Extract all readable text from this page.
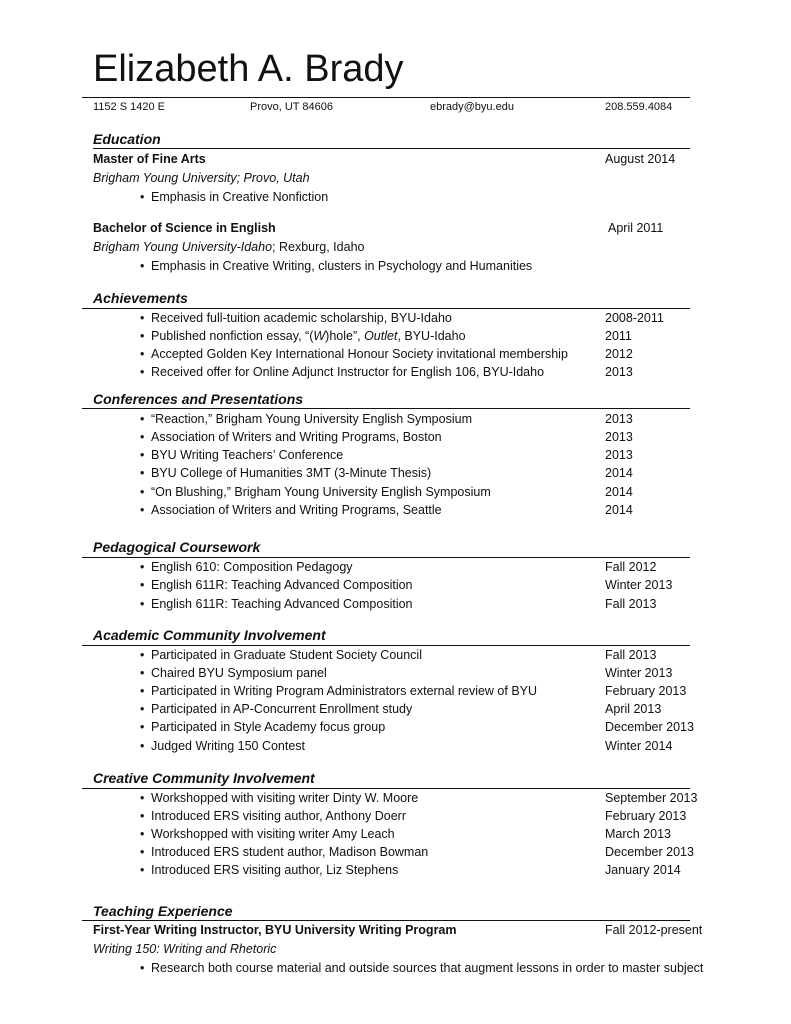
Elizabeth A. Brady
1152 S 1420 E	Provo, UT 84606	ebrady@byu.edu	208.559.4084
Education
Master of Fine Arts	August 2014
Brigham Young University; Provo, Utah
• Emphasis in Creative Nonfiction
Bachelor of Science in English	April 2011
Brigham Young University-Idaho; Rexburg, Idaho
• Emphasis in Creative Writing, clusters in Psychology and Humanities
Achievements
• Received full-tuition academic scholarship, BYU-Idaho	2008-2011
• Published nonfiction essay, “(W)hole”, Outlet, BYU-Idaho	2011
• Accepted Golden Key International Honour Society invitational membership	2012
• Received offer for Online Adjunct Instructor for English 106, BYU-Idaho	2013
Conferences and Presentations
• “Reaction,” Brigham Young University English Symposium	2013
• Association of Writers and Writing Programs, Boston	2013
• BYU Writing Teachers’ Conference	2013
• BYU College of Humanities 3MT (3-Minute Thesis)	2014
• “On Blushing,” Brigham Young University English Symposium	2014
• Association of Writers and Writing Programs, Seattle	2014
Pedagogical Coursework
• English 610: Composition Pedagogy	Fall 2012
• English 611R: Teaching Advanced Composition	Winter 2013
• English 611R: Teaching Advanced Composition	Fall 2013
Academic Community Involvement
• Participated in Graduate Student Society Council	Fall 2013
• Chaired BYU Symposium panel	Winter 2013
• Participated in Writing Program Administrators external review of BYU	February 2013
• Participated in AP-Concurrent Enrollment study	April 2013
• Participated in Style Academy focus group	December 2013
• Judged Writing 150 Contest	Winter 2014
Creative Community Involvement
• Workshopped with visiting writer Dinty W. Moore	September 2013
• Introduced ERS visiting author, Anthony Doerr	February 2013
• Workshopped with visiting writer Amy Leach	March 2013
• Introduced ERS student author, Madison Bowman	December 2013
• Introduced ERS visiting author, Liz Stephens	January 2014
Teaching Experience
First-Year Writing Instructor, BYU University Writing Program	Fall 2012-present
Writing 150: Writing and Rhetoric
• Research both course material and outside sources that augment lessons in order to master subject
